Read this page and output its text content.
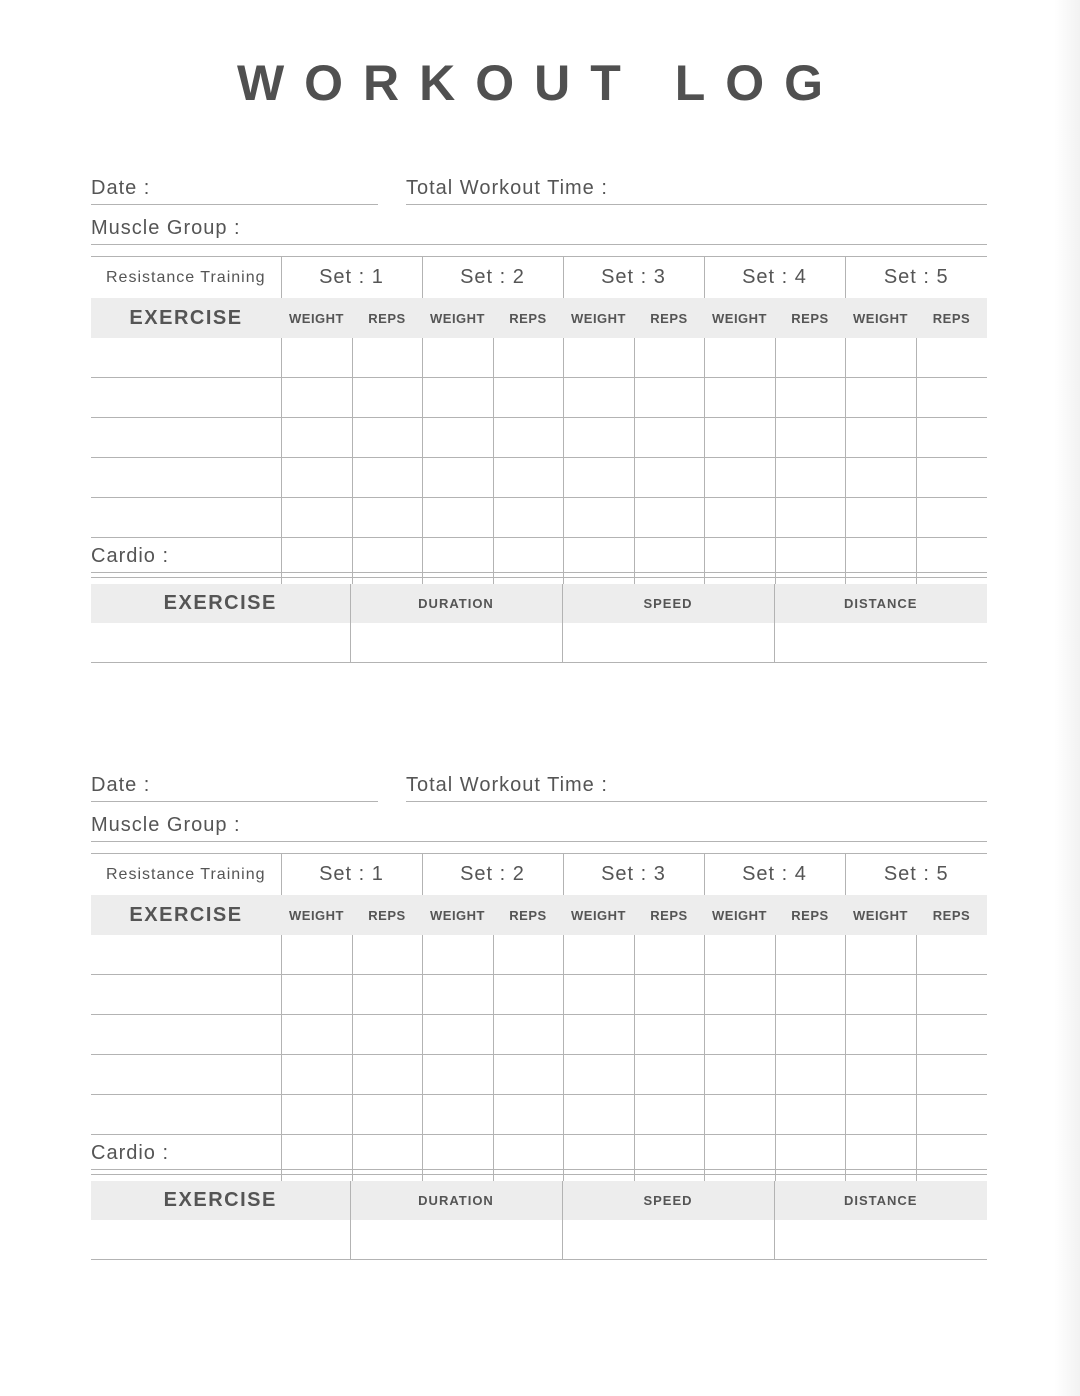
WORKOUT LOG
Date :	Total Workout Time :
Muscle Group :
Resistance Training	Set : 1		Set : 2		Set : 3		Set : 4		Set : 5	
EXERCISE	WEIGHT	REPS	WEIGHT	REPS	WEIGHT	REPS	WEIGHT	REPS	WEIGHT	REPS

Cardio :
EXERCISE	DURATION	SPEED	DISTANCE

Date :	Total Workout Time :
Muscle Group :
Resistance Training	Set : 1		Set : 2		Set : 3		Set : 4		Set : 5	
EXERCISE	WEIGHT	REPS	WEIGHT	REPS	WEIGHT	REPS	WEIGHT	REPS	WEIGHT	REPS

Cardio :
EXERCISE	DURATION	SPEED	DISTANCE
